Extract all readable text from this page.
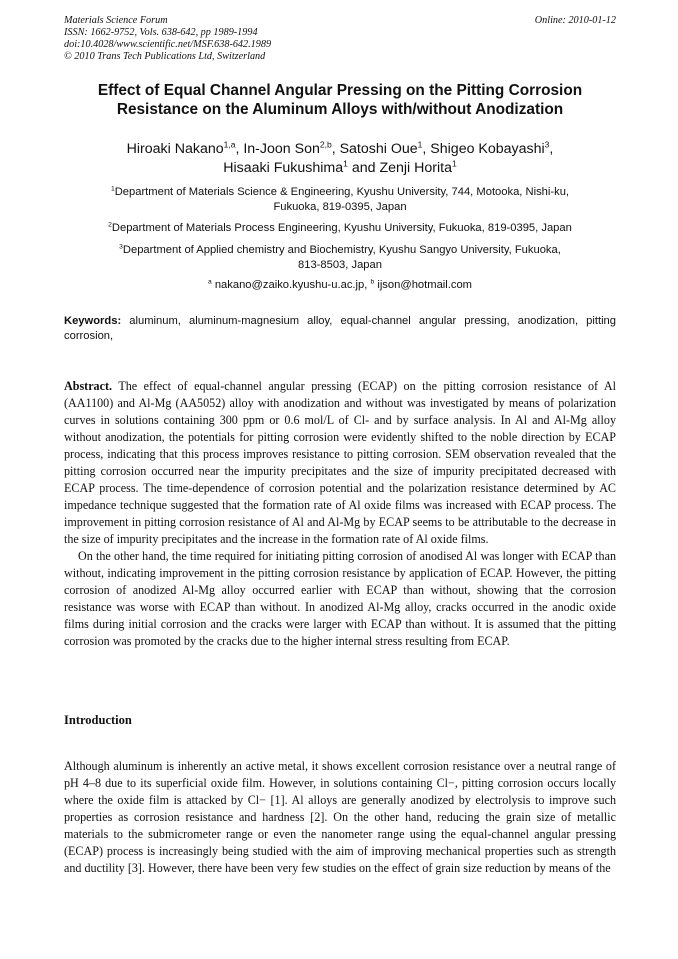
Materials Science Forum
ISSN: 1662-9752, Vols. 638-642, pp 1989-1994
doi:10.4028/www.scientific.net/MSF.638-642.1989
© 2010 Trans Tech Publications Ltd, Switzerland
Online: 2010-01-12
Effect of Equal Channel Angular Pressing on the Pitting Corrosion
Resistance on the Aluminum Alloys with/without Anodization
Hiroaki Nakano$^{1,a}$, In-Joon Son$^{2,b}$, Satoshi Oue$^1$, Shigeo Kobayashi$^3$,
Hisaaki Fukushima$^1$ and Zenji Horita$^1$
$^1$Department of Materials Science & Engineering, Kyushu University, 744, Motooka, Nishi-ku,
Fukuoka, 819-0395, Japan
$^2$Department of Materials Process Engineering, Kyushu University, Fukuoka, 819-0395, Japan
$^3$Department of Applied chemistry and Biochemistry, Kyushu Sangyo University, Fukuoka,
813-8503, Japan
$^a$ nakano@zaiko.kyushu-u.ac.jp, $^b$ ijson@hotmail.com
Keywords: aluminum, aluminum-magnesium alloy, equal-channel angular pressing, anodization, pitting corrosion,

Abstract. The effect of equal-channel angular pressing (ECAP) on the pitting corrosion resistance of Al (AA1100) and Al-Mg (AA5052) alloy with anodization and without was investigated by means of polarization curves in solutions containing 300 ppm or 0.6 mol/L of Cl- and by surface analysis. In Al and Al-Mg alloy without anodization, the potentials for pitting corrosion were evidently shifted to the noble direction by ECAP process, indicating that this process improves resistance to pitting corrosion. SEM observation revealed that the pitting corrosion occurred near the impurity precipitates and the size of impurity precipitated decreased with ECAP process. The time-dependence of corrosion potential and the polarization resistance determined by AC impedance technique suggested that the formation rate of Al oxide films was increased with ECAP process. The improvement in pitting corrosion resistance of Al and Al-Mg by ECAP seems to be attributable to the decrease in the size of impurity precipitates and the increase in the formation rate of Al oxide films.

On the other hand, the time required for initiating pitting corrosion of anodised Al was longer with ECAP than without, indicating improvement in the pitting corrosion resistance by application of ECAP. However, the pitting corrosion of anodized Al-Mg alloy occurred earlier with ECAP than without, showing that the corrosion resistance was worse with ECAP than without. In anodized Al-Mg alloy, cracks occurred in the anodic oxide films during initial corrosion and the cracks were larger with ECAP than without. It is assumed that the pitting corrosion was promoted by the cracks due to the higher internal stress resulting from ECAP.

Introduction

Although aluminum is inherently an active metal, it shows excellent corrosion resistance over a neutral range of pH 4–8 due to its superficial oxide film. However, in solutions containing Cl−, pitting corrosion occurs locally where the oxide film is attacked by Cl− [1]. Al alloys are generally anodized by electrolysis to improve such properties as corrosion resistance and hardness [2]. On the other hand, reducing the grain size of metallic materials to the submicrometer range or even the nanometer range using the equal-channel angular pressing (ECAP) process is increasingly being studied with the aim of improving mechanical properties such as strength and ductility [3]. However, there have been very few studies on the effect of grain size reduction by means of the
